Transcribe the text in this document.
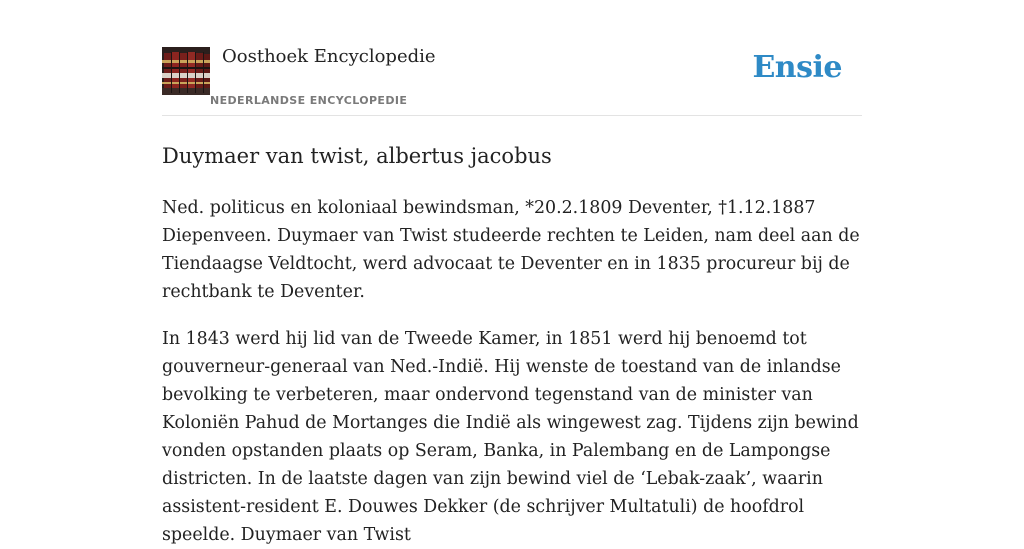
Oosthoek Encyclopedie
NEDERLANDSE ENCYCLOPEDIE
Ensie
Duymaer van twist, albertus jacobus

Ned. politicus en koloniaal bewindsman, *20.2.1809 Deventer, †1.12.1887 Diepenveen. Duymaer van Twist studeerde rechten te Leiden, nam deel aan de Tiendaagse Veldtocht, werd advocaat te Deventer en in 1835 procureur bij de rechtbank te Deventer.

In 1843 werd hij lid van de Tweede Kamer, in 1851 werd hij benoemd tot gouverneur-generaal van Ned.-Indië. Hij wenste de toestand van de inlandse bevolking te verbeteren, maar ondervond tegenstand van de minister van Koloniën Pahud de Mortanges die Indië als wingewest zag. Tijdens zijn bewind vonden opstanden plaats op Seram, Banka, in Palembang en de Lampongse districten. In de laatste dagen van zijn bewind viel de ‘Lebak-zaak’, waarin assistent-resident E. Douwes Dekker (de schrijver Multatuli) de hoofdrol speelde. Duymaer van Twist
